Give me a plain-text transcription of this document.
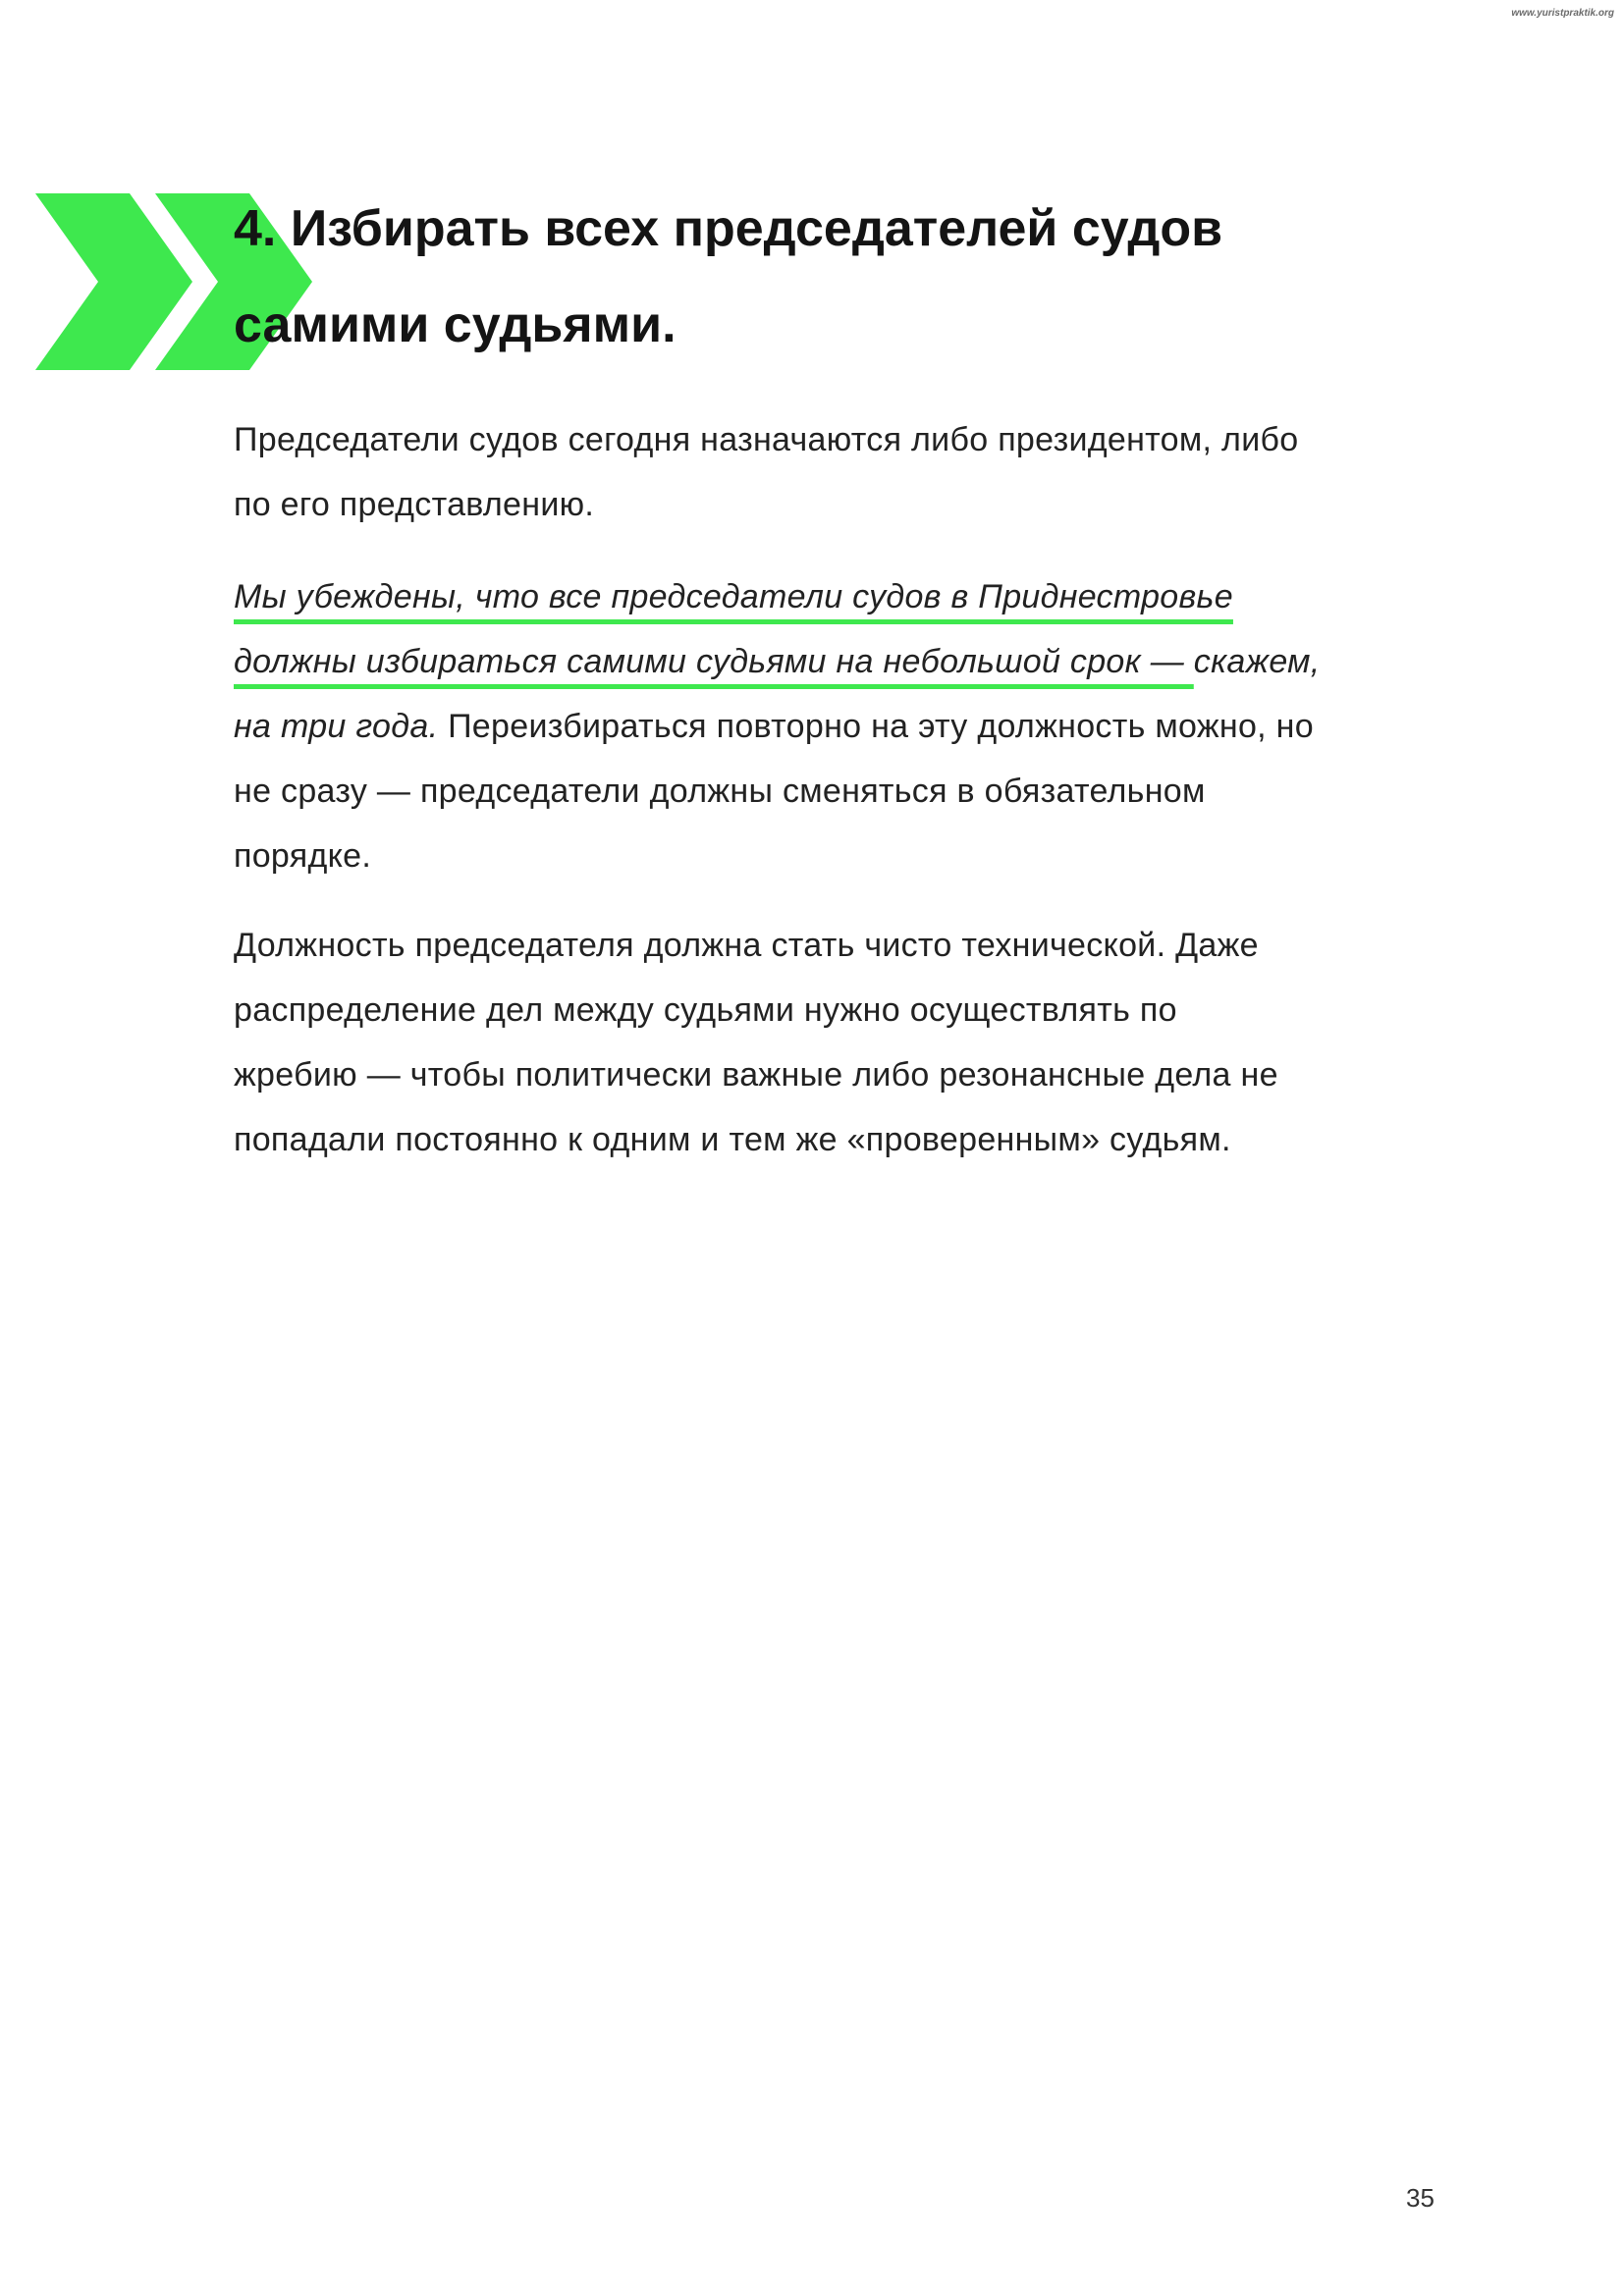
www.yuristpraktik.org
4. Избирать всех председателей судов
самими судьями.

Председатели судов сегодня назначаются либо президентом, либо
по его представлению.

Мы убеждены, что все председатели судов в Приднестровье
должны избираться самими судьями на небольшой срок — скажем,
на три года. Переизбираться повторно на эту должность можно, но
не сразу — председатели должны сменяться в обязательном
порядке.

Должность председателя должна стать чисто технической. Даже
распределение дел между судьями нужно осуществлять по
жребию — чтобы политически важные либо резонансные дела не
попадали постоянно к одним и тем же «проверенным» судьям.

35
